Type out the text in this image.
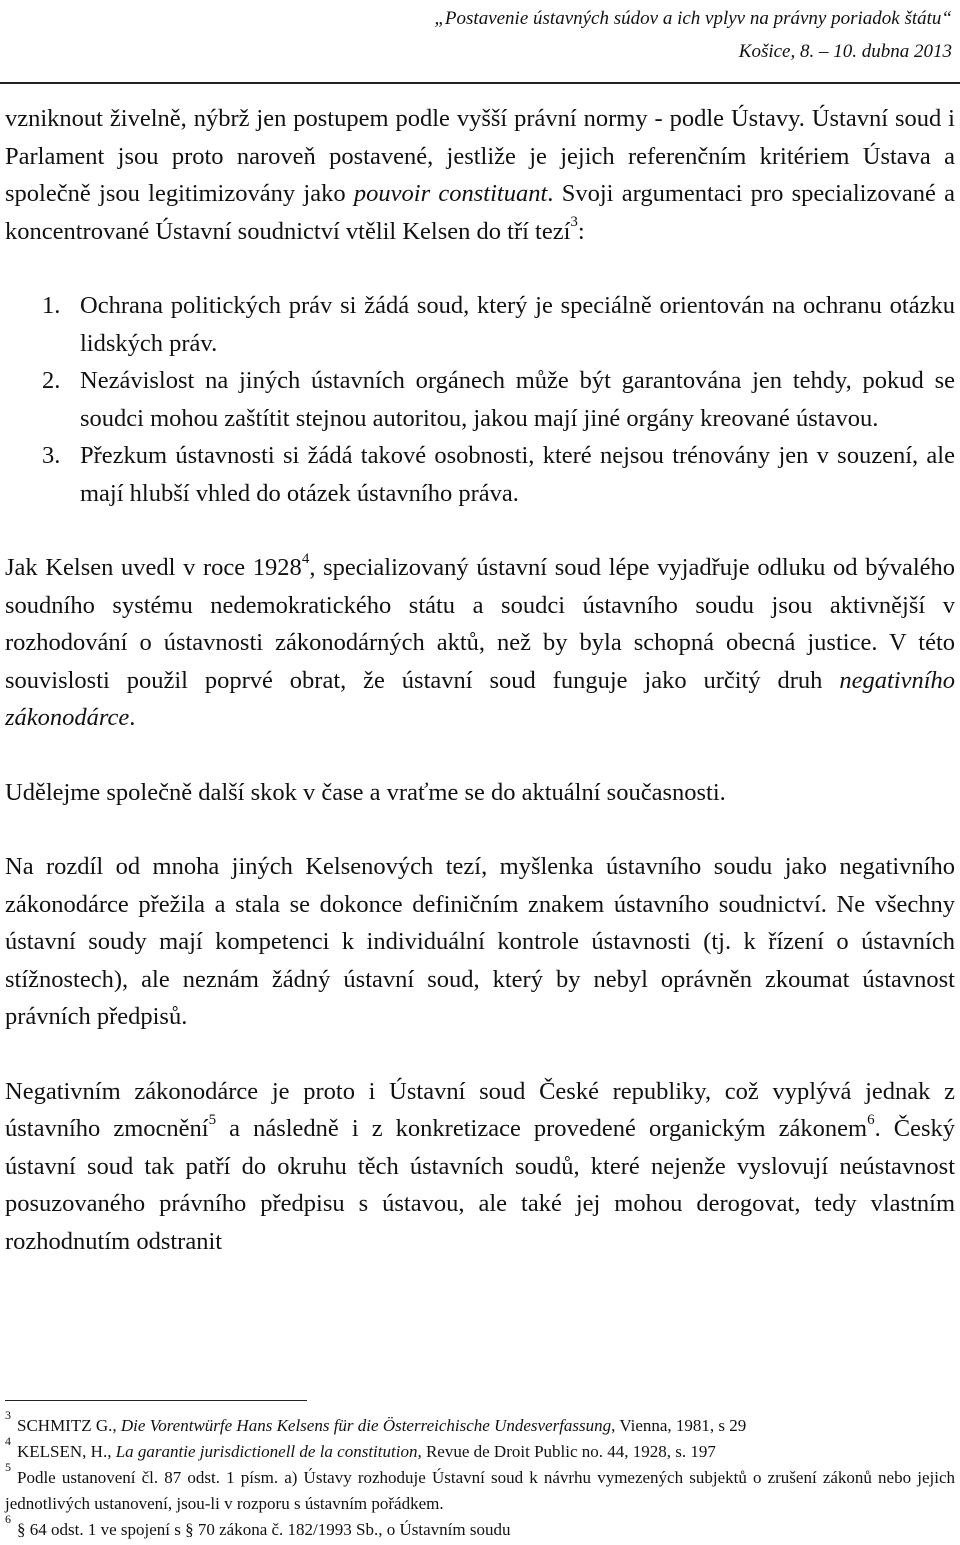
„Postavenie ústavných súdov a ich vplyv na právny poriadok štátu“
Košice, 8. – 10. dubna 2013

vzniknout živelně, nýbrž jen postupem podle vyšší právní normy - podle Ústavy. Ústavní soud i Parlament jsou proto naroveň postavené, jestliže je jejich referenčním kritériem Ústava a společně jsou legitimizovány jako pouvoir constituant. Svoji argumentaci pro specializované a koncentrované Ústavní soudnictví vtělil Kelsen do tří tezí$^3$:

1. Ochrana politických práv si žádá soud, který je speciálně orientován na ochranu otázku lidských práv.
2. Nezávislost na jiných ústavních orgánech může být garantována jen tehdy, pokud se soudci mohou zaštítit stejnou autoritou, jakou mají jiné orgány kreované ústavou.
3. Přezkum ústavnosti si žádá takové osobnosti, které nejsou trénovány jen v souzení, ale mají hlubší vhled do otázek ústavního práva.

Jak Kelsen uvedl v roce 1928$^4$, specializovaný ústavní soud lépe vyjadřuje odluku od bývalého soudního systému nedemokratického státu a soudci ústavního soudu jsou aktivnější v rozhodování o ústavnosti zákonodárných aktů, než by byla schopná obecná justice. V této souvislosti použil poprvé obrat, že ústavní soud funguje jako určitý druh negativního zákonodárce.

Udělejme společně další skok v čase a vraťme se do aktuální současnosti.

Na rozdíl od mnoha jiných Kelsenových tezí, myšlenka ústavního soudu jako negativního zákonodárce přežila a stala se dokonce definičním znakem ústavního soudnictví. Ne všechny ústavní soudy mají kompetenci k individuální kontrole ústavnosti (tj. k řízení o ústavních stížnostech), ale neznám žádný ústavní soud, který by nebyl oprávněn zkoumat ústavnost právních předpisů.

Negativním zákonodárce je proto i Ústavní soud České republiky, což vyplývá jednak z ústavního zmocnění$^5$ a následně i z konkretizace provedené organickým zákonem$^6$. Český ústavní soud tak patří do okruhu těch ústavních soudů, které nejenže vyslovují neústavnost posuzovaného právního předpisu s ústavou, ale také jej mohou derogovat, tedy vlastním rozhodnutím odstranit

$^3$SCHMITZ G., Die Vorentwürfe Hans Kelsens für die Österreichische Undesverfassung, Vienna, 1981, s 29
$^4$KELSEN, H., La garantie jurisdictionell de la constitution, Revue de Droit Public no. 44, 1928, s. 197
$^5$Podle ustanovení čl. 87 odst. 1 písm. a) Ústavy rozhoduje Ústavní soud k návrhu vymezených subjektů o zrušení zákonů nebo jejich jednotlivých ustanovení, jsou-li v rozporu s ústavním pořádkem.
$^6$§ 64 odst. 1 ve spojení s § 70 zákona č. 182/1993 Sb., o Ústavním soudu
